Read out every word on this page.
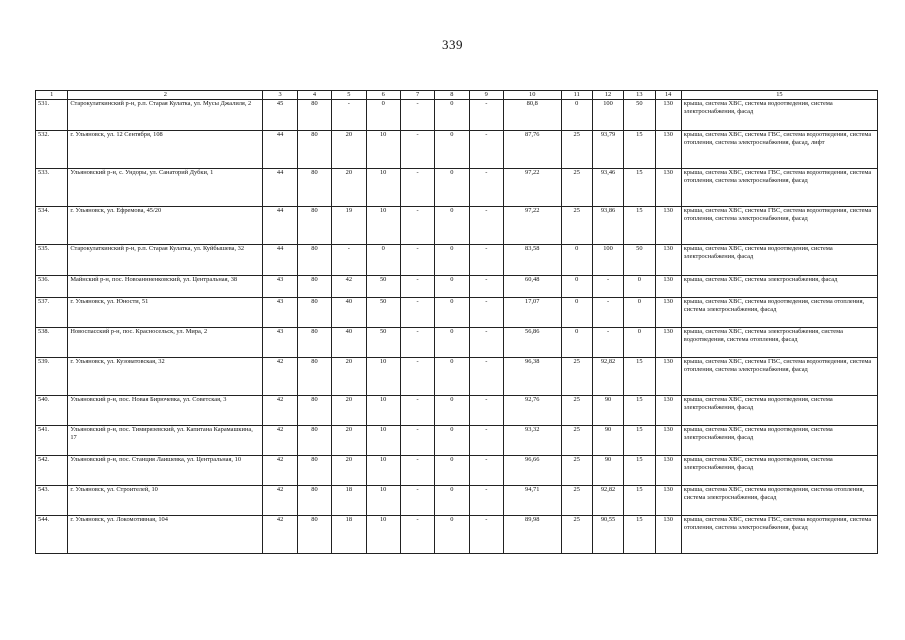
339
1	2	3	4	5	6	7	8	9	10	11	12	13	14	15
531.	Старокулаткинский р-н, р.п. Старая Кулатка, ул. Мусы Джалиля, 2	45	80	-	0	-	0	-	80,8	0	100	50	130	крыша, система ХВС, система водоотведения, система электроснабжения, фасад
532.	г. Ульяновск, ул. 12 Сентября, 108	44	80	20	10	-	0	-	87,76	25	93,79	15	130	крыша, система ХВС, система ГВС, система водоотведения, система отопления, система электроснабжения, фасад, лифт
533.	Ульяновский р-н, с. Ундоры, ул. Санаторий Дубки, 1	44	80	20	10	-	0	-	97,22	25	93,46	15	130	крыша, система ХВС, система ГВС, система водоотведения, система отопления, система электроснабжения, фасад
534.	г. Ульяновск, ул. Ефремова, 45/20	44	80	19	10	-	0	-	97,22	25	93,86	15	130	крыша, система ХВС, система ГВС, система водоотведения, система отопления, система электроснабжения, фасад
535.	Старокулаткинский р-н, р.п. Старая Кулатка, ул. Куйбышева, 32	44	80	-	0	-	0	-	83,58	0	100	50	130	крыша, система ХВС, система водоотведения, система электроснабжения, фасад
536.	Майнский р-н, пос. Новоаннненковский, ул. Центральная, 38	43	80	42	50	-	0	-	60,48	0	-	0	130	крыша, система ХВС, система электроснабжения, фасад
537.	г. Ульяновск, ул. Юности, 51	43	80	40	50	-	0	-	17,07	0	-	0	130	крыша, система ХВС, система водоотведения, система отопления, система электроснабжения, фасад
538.	Новоспасский р-н, пос. Красносельск, ул. Мира, 2	43	80	40	50	-	0	-	56,86	0	-	0	130	крыша, система ХВС, система электроснабжения, система водоотведения, система отопления, фасад
539.	г. Ульяновск, ул. Кузоватовская, 32	42	80	20	10	-	0	-	96,38	25	92,82	15	130	крыша, система ХВС, система ГВС, система водоотведения, система отопления, система электроснабжения, фасад
540.	Ульяновский р-н, пос. Новая Бирючевка, ул. Советская, 3	42	80	20	10	-	0	-	92,76	25	90	15	130	крыша, система ХВС, система водоотведения, система электроснабжения, фасад
541.	Ульяновский р-н, пос. Тимирязевский, ул. Капитана Карамашкина, 17	42	80	20	10	-	0	-	93,32	25	90	15	130	крыша, система ХВС, система водоотведения, система электроснабжения, фасад
542.	Ульяновский р-н, пос. Станция Лаишевка, ул. Центральная, 10	42	80	20	10	-	0	-	96,66	25	90	15	130	крыша, система ХВС, система водоотведения, система электроснабжения, фасад
543.	г. Ульяновск, ул. Строителей, 10	42	80	18	10	-	0	-	94,71	25	92,82	15	130	крыша, система ХВС, система водоотведения, система отопления, система электроснабжения, фасад
544.	г. Ульяновск, ул. Локомотивная, 104	42	80	18	10	-	0	-	89,98	25	90,55	15	130	крыша, система ХВС, система ГВС, система водоотведения, система отопления, система электроснабжения, фасад
